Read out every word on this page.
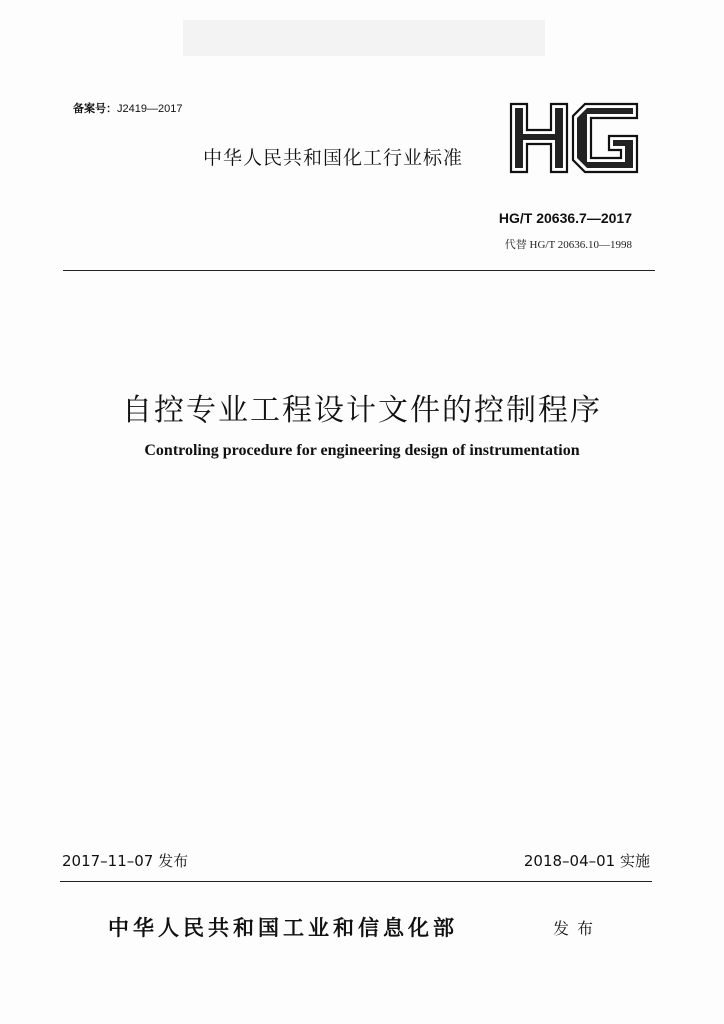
备案号：J2419—2017
中华人民共和国化工行业标准
HG/T 20636.7—2017
代替 HG/T 20636.10—1998
自控专业工程设计文件的控制程序
Controling procedure for engineering design of instrumentation
2017–11–07 发布	2018–04–01 实施
中华人民共和国工业和信息化部	发布
